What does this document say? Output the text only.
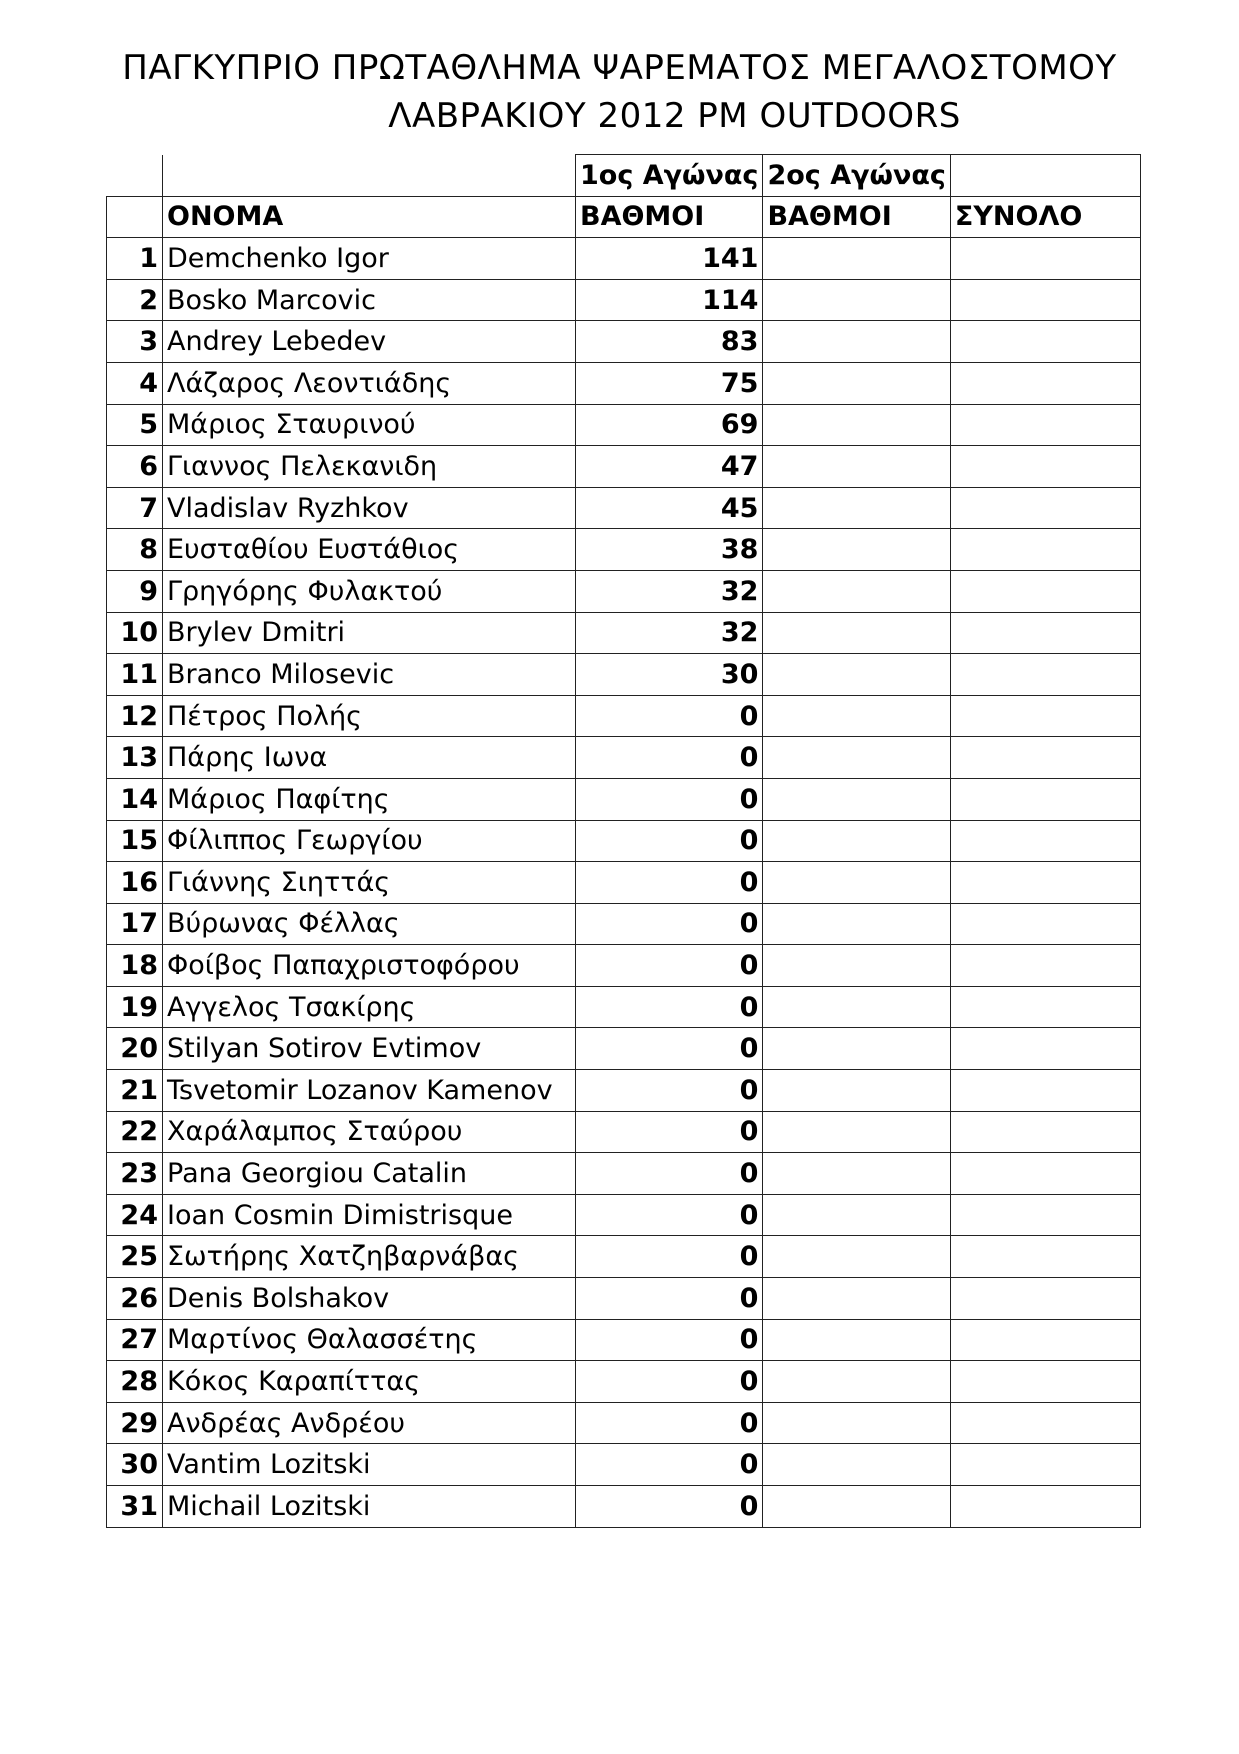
ΠΑΓΚΥΠΡΙΟ ΠΡΩΤΑΘΛΗΜΑ ΨΑΡΕΜΑΤΟΣ ΜΕΓΑΛΟΣΤΟΜΟΥ
ΛΑΒΡΑΚΙΟΥ 2012 PM OUTDOORS
		1ος Αγώνας	2ος Αγώνας	
	ΟΝΟΜΑ	ΒΑΘΜΟΙ	ΒΑΘΜΟΙ	ΣΥΝΟΛΟ
1	Demchenko Igor	141		
2	Bosko Marcovic	114		
3	Andrey Lebedev	83		
4	Λάζαρος Λεοντιάδης	75		
5	Μάριος Σταυρινού	69		
6	Γιαννος Πελεκανιδη	47		
7	Vladislav Ryzhkov	45		
8	Ευσταθίου Ευστάθιος	38		
9	Γρηγόρης Φυλακτού	32		
10	Brylev Dmitri	32		
11	Branco Milosevic	30		
12	Πέτρος Πολής	0		
13	Πάρης Ιωνα	0		
14	Μάριος Παφίτης	0		
15	Φίλιππος Γεωργίου	0		
16	Γιάννης Σιηττάς	0		
17	Βύρωνας Φέλλας	0		
18	Φοίβος Παπαχριστοφόρου	0		
19	Αγγελος Τσακίρης	0		
20	Stilyan Sotirov Evtimov	0		
21	Tsvetomir Lozanov Kamenov	0		
22	Χαράλαμπος Σταύρου	0		
23	Pana Georgiou Catalin	0		
24	Ioan Cosmin Dimistrisque	0		
25	Σωτήρης Χατζηβαρνάβας	0		
26	Denis Bolshakov	0		
27	Μαρτίνος Θαλασσέτης	0		
28	Κόκος Καραπίττας	0		
29	Ανδρέας Ανδρέου	0		
30	Vantim Lozitski	0		
31	Michail Lozitski	0		
